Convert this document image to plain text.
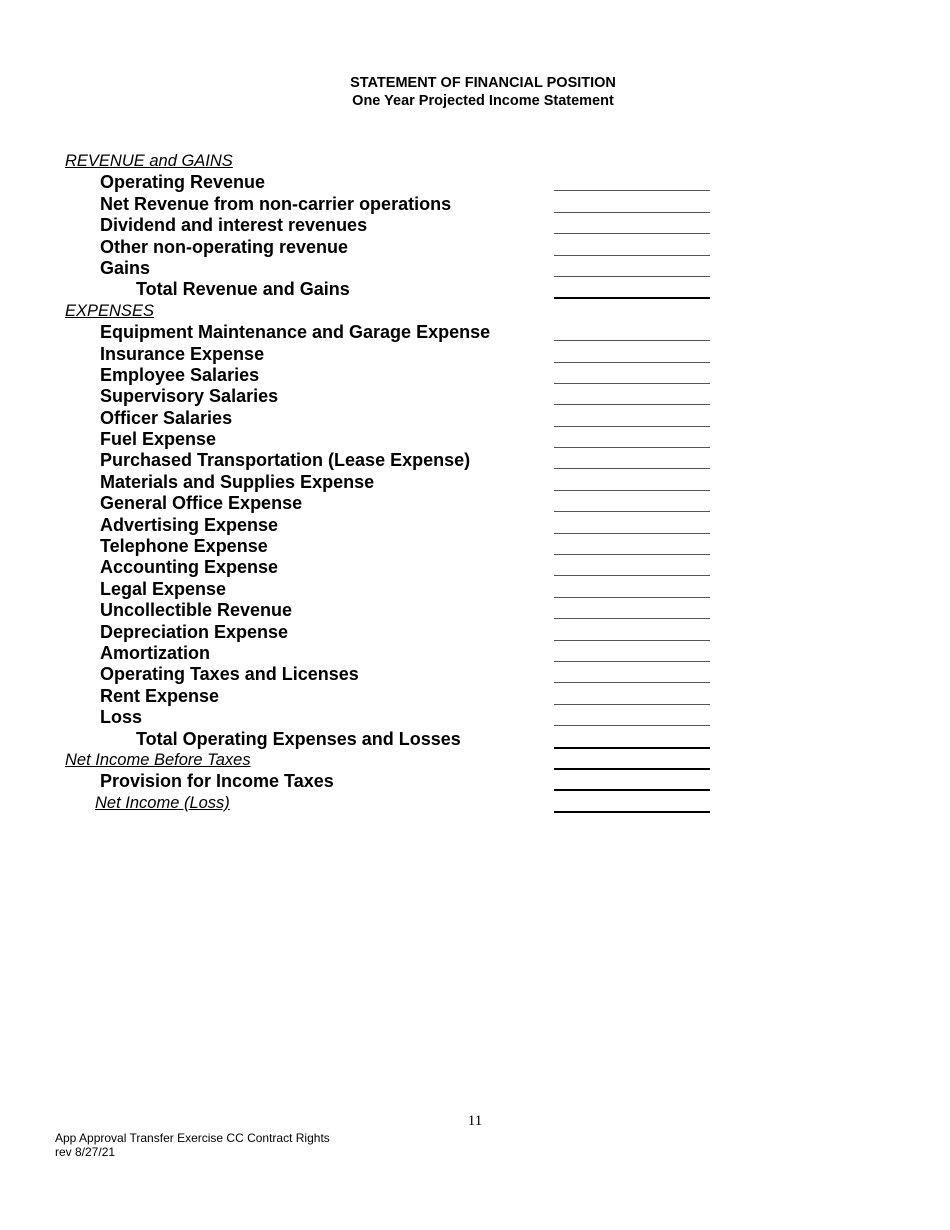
STATEMENT OF FINANCIAL POSITION
One Year Projected Income Statement
REVENUE and GAINS
Operating Revenue
Net Revenue from non-carrier operations
Dividend and interest revenues
Other non-operating revenue
Gains
Total Revenue and Gains
EXPENSES
Equipment Maintenance and Garage Expense
Insurance Expense
Employee Salaries
Supervisory Salaries
Officer Salaries
Fuel Expense
Purchased Transportation (Lease Expense)
Materials and Supplies Expense
General Office Expense
Advertising Expense
Telephone Expense
Accounting Expense
Legal Expense
Uncollectible Revenue
Depreciation Expense
Amortization
Operating Taxes and Licenses
Rent Expense
Loss
Total Operating Expenses and Losses
Net Income Before Taxes
Provision for Income Taxes
Net Income (Loss)
11
App Approval Transfer Exercise CC Contract Rights
rev 8/27/21
